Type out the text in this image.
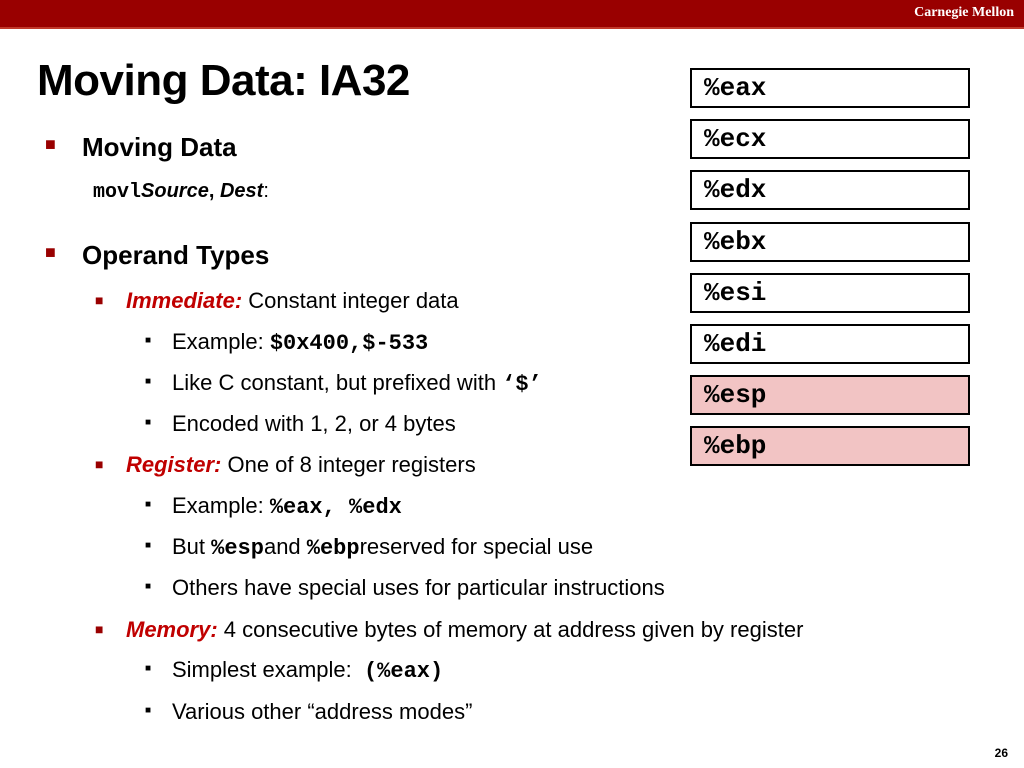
Carnegie Mellon
Moving Data: IA32
■ Moving Data
movlSource, Dest:
■ Operand Types
■ Immediate: Constant integer data
■ Example: $0x400,$-533
■ Like C constant, but prefixed with ‘$’
■ Encoded with 1, 2, or 4 bytes
■ Register: One of 8 integer registers
■ Example: %eax, %edx
■ But %espand %ebpreserved for special use
■ Others have special uses for particular instructions
■ Memory: 4 consecutive bytes of memory at address given by register
■ Simplest example:  (%eax)
■ Various other “address modes”
%eax
%ecx
%edx
%ebx
%esi
%edi
%esp
%ebp
26
